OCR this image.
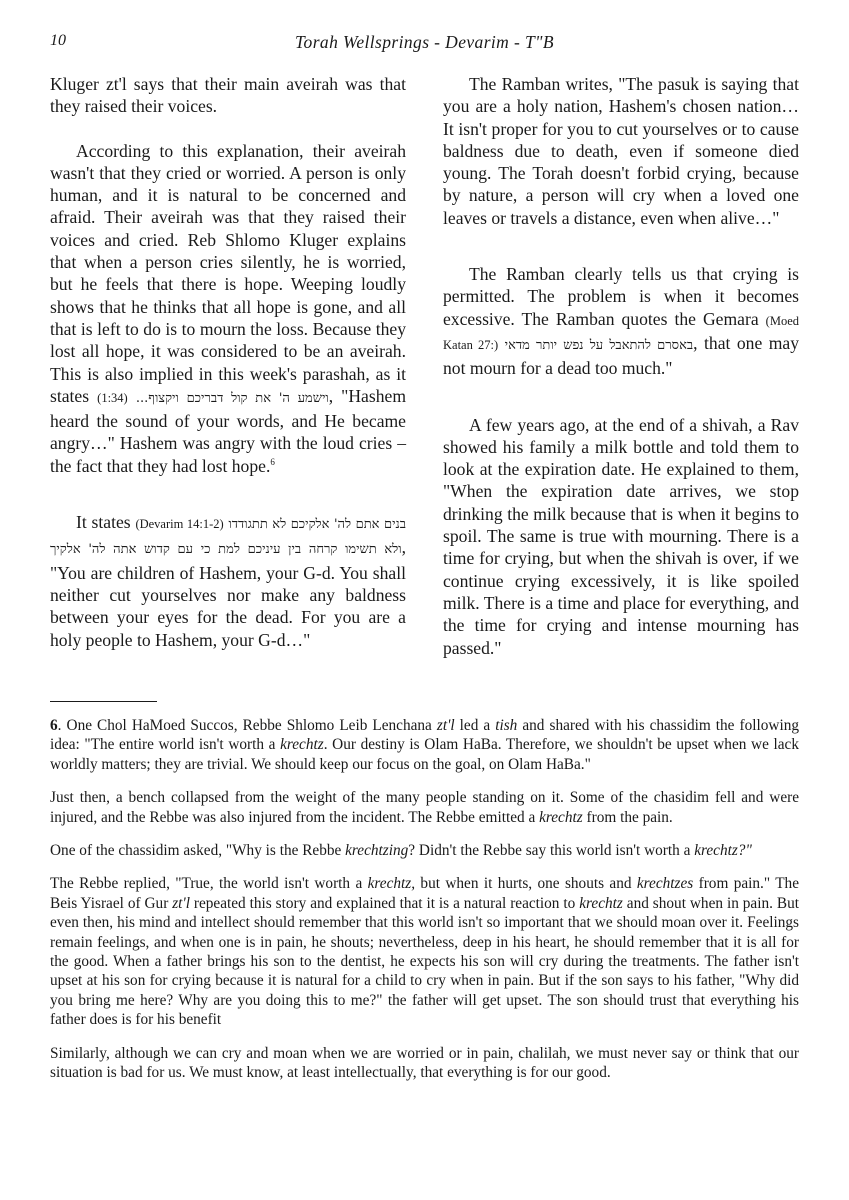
10	Torah Wellsprings - Devarim - T"B

Kluger zt'l says that their main aveirah was that they raised their voices.

According to this explanation, their aveirah wasn't that they cried or worried. A person is only human, and it is natural to be concerned and afraid. Their aveirah was that they raised their voices and cried. Reb Shlomo Kluger explains that when a person cries silently, he is worried, but he feels that there is hope. Weeping loudly shows that he thinks that all hope is gone, and all that is left to do is to mourn the loss. Because they lost all hope, it was considered to be an aveirah. This is also implied in this week's parashah, as it states (1:34) וישמע ה' את קול דבריכם ויקצוף..., "Hashem heard the sound of your words, and He became angry…" Hashem was angry with the loud cries – the fact that they had lost hope.$^6$

It states (Devarim 14:1-2) בנים אתם לה' אלקיכם לא תתגודדו ולא תשימו קרחה בין עיניכם למת כי עם קדוש אתה לה' אלקיך, "You are children of Hashem, your G-d. You shall neither cut yourselves nor make any baldness between your eyes for the dead. For you are a holy people to Hashem, your G-d…"

The Ramban writes, "The pasuk is saying that you are a holy nation, Hashem's chosen nation… It isn't proper for you to cut yourselves or to cause baldness due to death, even if someone died young. The Torah doesn't forbid crying, because by nature, a person will cry when a loved one leaves or travels a distance, even when alive…"

The Ramban clearly tells us that crying is permitted. The problem is when it becomes excessive. The Ramban quotes the Gemara (Moed Katan 27:) באסרם להתאבל על נפש יותר מדאי, that one may not mourn for a dead too much."

A few years ago, at the end of a shivah, a Rav showed his family a milk bottle and told them to look at the expiration date. He explained to them, "When the expiration date arrives, we stop drinking the milk because that is when it begins to spoil. The same is true with mourning. There is a time for crying, but when the shivah is over, if we continue crying excessively, it is like spoiled milk. There is a time and place for everything, and the time for crying and intense mourning has passed."

6. One Chol HaMoed Succos, Rebbe Shlomo Leib Lenchana zt'l led a tish and shared with his chassidim the following idea: "The entire world isn't worth a krechtz. Our destiny is Olam HaBa. Therefore, we shouldn't be upset when we lack worldly matters; they are trivial. We should keep our focus on the goal, on Olam HaBa."

Just then, a bench collapsed from the weight of the many people standing on it. Some of the chasidim fell and were injured, and the Rebbe was also injured from the incident. The Rebbe emitted a krechtz from the pain.

One of the chassidim asked, "Why is the Rebbe krechtzing? Didn't the Rebbe say this world isn't worth a krechtz?"

The Rebbe replied, "True, the world isn't worth a krechtz, but when it hurts, one shouts and krechtzes from pain." The Beis Yisrael of Gur zt'l repeated this story and explained that it is a natural reaction to krechtz and shout when in pain. But even then, his mind and intellect should remember that this world isn't so important that we should moan over it. Feelings remain feelings, and when one is in pain, he shouts; nevertheless, deep in his heart, he should remember that it is all for the good. When a father brings his son to the dentist, he expects his son will cry during the treatments. The father isn't upset at his son for crying because it is natural for a child to cry when in pain. But if the son says to his father, "Why did you bring me here? Why are you doing this to me?" the father will get upset. The son should trust that everything his father does is for his benefit

Similarly, although we can cry and moan when we are worried or in pain, chalilah, we must never say or think that our situation is bad for us. We must know, at least intellectually, that everything is for our good.
